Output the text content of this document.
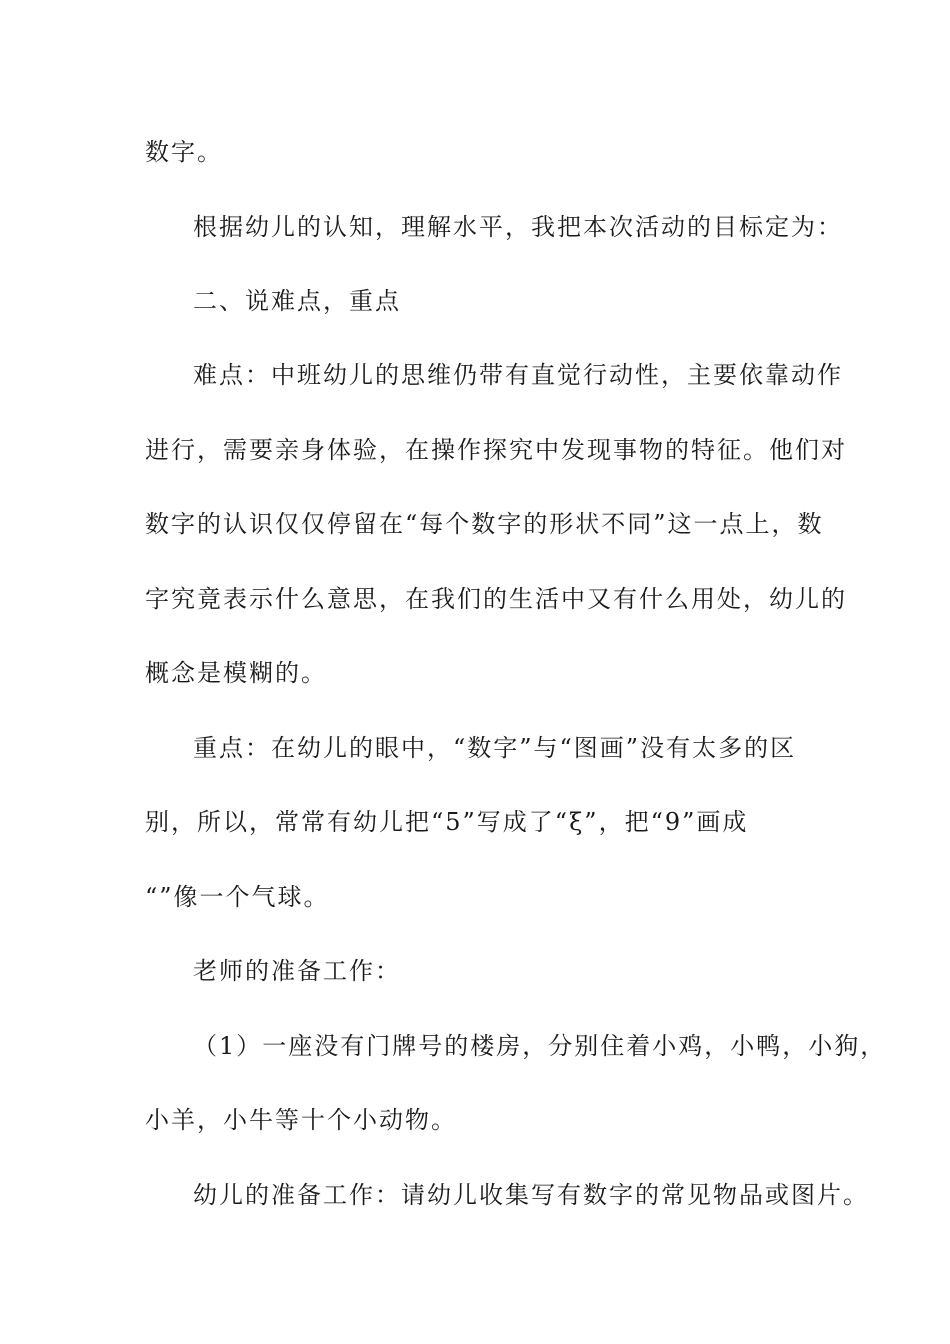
数字。
根据幼儿的认知，理解水平，我把本次活动的目标定为：
二、说难点，重点
难点：中班幼儿的思维仍带有直觉行动性，主要依靠动作
进行，需要亲身体验，在操作探究中发现事物的特征。他们对
数字的认识仅仅停留在“每个数字的形状不同”这一点上，数
字究竟表示什么意思，在我们的生活中又有什么用处，幼儿的
概念是模糊的。
重点：在幼儿的眼中，“数字”与“图画”没有太多的区
别，所以，常常有幼儿把“5”写成了“ξ”，把“9”画成
“”像一个气球。
老师的准备工作：
（1）一座没有门牌号的楼房，分别住着小鸡，小鸭，小狗，
小羊，小牛等十个小动物。
幼儿的准备工作：请幼儿收集写有数字的常见物品或图片。
